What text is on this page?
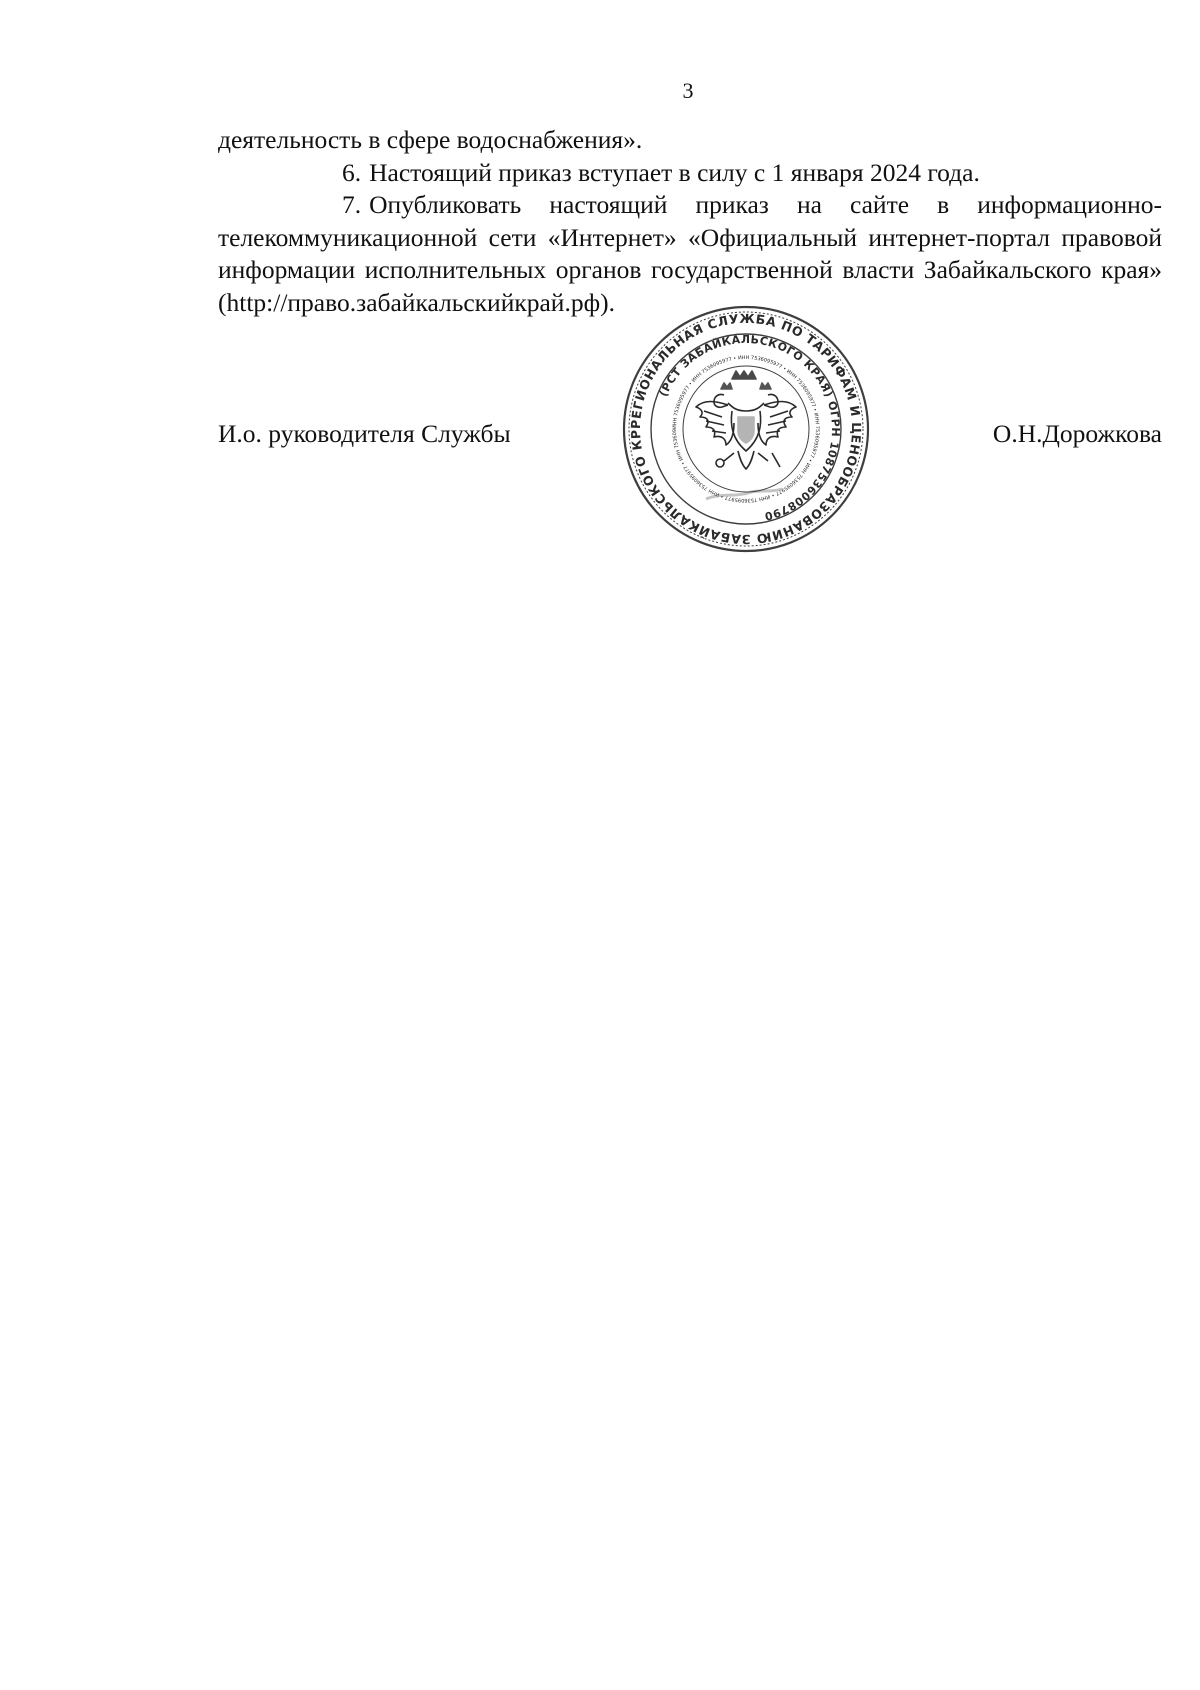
3

деятельность в сфере водоснабжения».

6. Настоящий приказ вступает в силу с 1 января 2024 года.

7. Опубликовать настоящий приказ на сайте в информационно-телекоммуникационной сети «Интернет» «Официальный интернет-портал правовой информации исполнительных органов государственной власти Забайкальского края» (http://право.забайкальскийкрай.рф).

И.о. руководителя Службы	О.Н.Дорожкова
РЕГИОНАЛЬНАЯ СЛУЖБА ПО ТАРИФАМ И ЦЕНООБРАЗОВАНИЮ ЗАБАЙКАЛЬСКОГО КР
(РСТ ЗАБАЙКАЛЬСКОГО КРАЯ) ОГРН 1087536008790
ИНН 7536095977 • ИНН 7536095977 • ИНН 7536095977 • ИНН 7536095977 • ИНН 7536095977 • ИНН 7536095977 • ИНН 7536095977 • ИНН 7536095977 • ИНН 753609
